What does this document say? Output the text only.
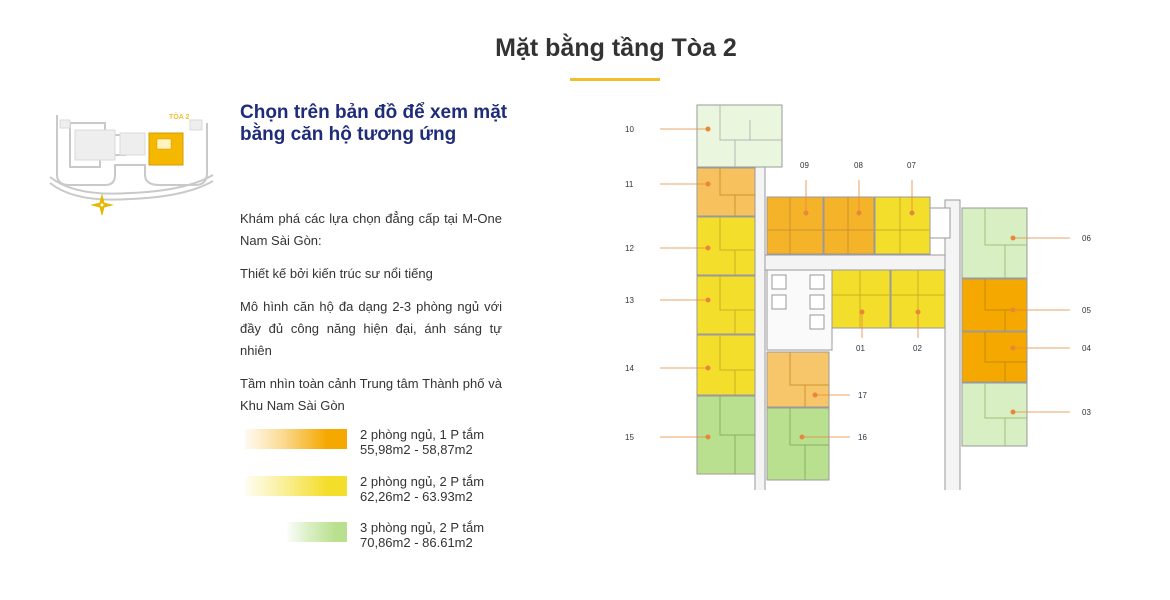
Mặt bằng tầng Tòa 2
TÒA 2	Chọn trên bản đồ để xem mặt bằng căn hộ tương ứng
Khám phá các lựa chọn đẳng cấp tại M-One Nam Sài Gòn:
Thiết kế bởi kiến trúc sư nổi tiếng
Mô hình căn hộ đa dạng 2-3 phòng ngủ với đầy đủ công năng hiện đại, ánh sáng tự nhiên
Tầm nhìn toàn cảnh Trung tâm Thành phố và Khu Nam Sài Gòn
2 phòng ngủ, 1 P tắm
55,98m2 - 58,87m2
2 phòng ngủ, 2 P tắm
62,26m2 - 63.93m2
3 phòng ngủ, 2 P tắm
70,86m2 - 86.61m2
10
11
12
13
14
15
17
16
09	08	07
01	02
06
05
04
03
